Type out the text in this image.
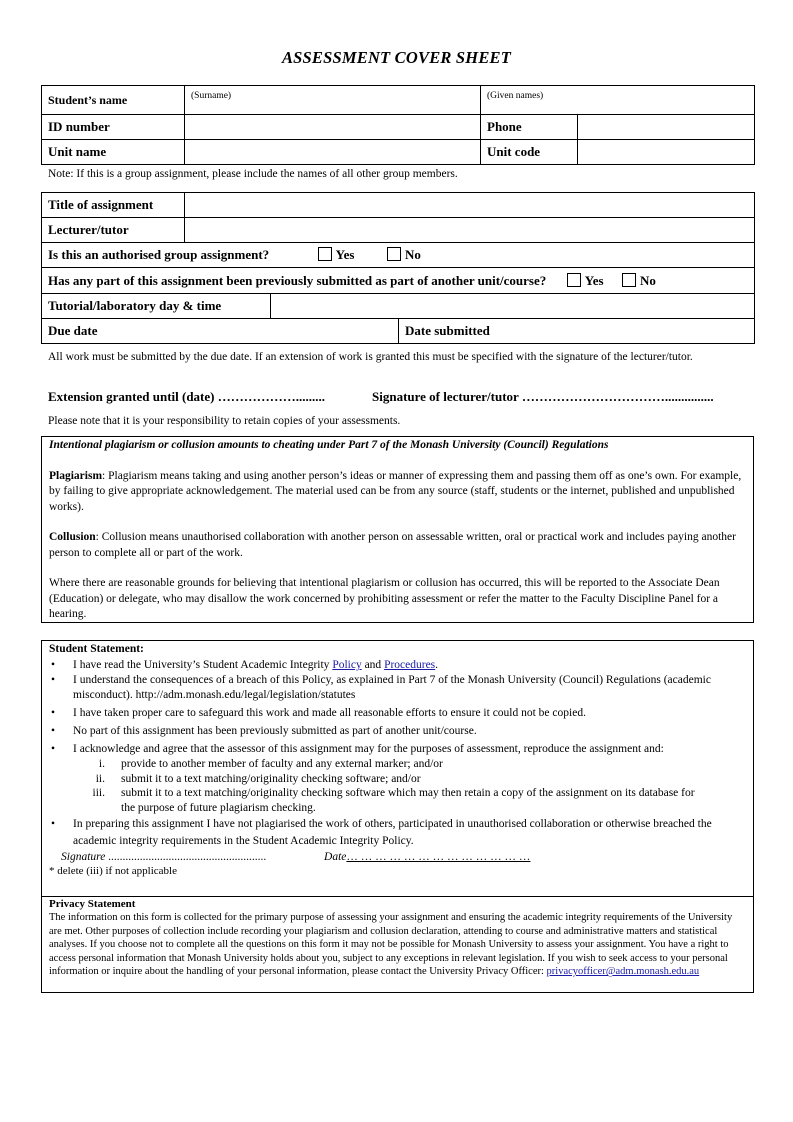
ASSESSMENT COVER SHEET
Student’s name	(Surname)	(Given names)	
ID number		Phone	
Unit name		Unit code	
Note: If this is a group assignment, please include the names of all other group members.
Title of assignment			
Lecturer/tutor			
Is this an authorised group assignment? Yes No			
Has any part of this assignment been previously submitted as part of another unit/course? Yes No			
Tutorial/laboratory day & time			
Due date			Date submitted

All work must be submitted by the due date. If an extension of work is granted this must be specified with the signature of the lecturer/tutor.

Extension granted until (date) ……………….........	Signature of lecturer/tutor ……………………………...............
Please note that it is your responsibility to retain copies of your assessments.

Intentional plagiarism or collusion amounts to cheating under Part 7 of the Monash University (Council) Regulations

Plagiarism: Plagiarism means taking and using another person’s ideas or manner of expressing them and passing them off as one’s own. For example, by failing to give appropriate acknowledgement. The material used can be from any source (staff, students or the internet, published and unpublished works).

Collusion: Collusion means unauthorised collaboration with another person on assessable written, oral or practical work and includes paying another person to complete all or part of the work.

Where there are reasonable grounds for believing that intentional plagiarism or collusion has occurred, this will be reported to the Associate Dean (Education) or delegate, who may disallow the work concerned by prohibiting assessment or refer the matter to the Faculty Discipline Panel for a hearing.

Student Statement:
• I have read the University’s Student Academic Integrity Policy and Procedures.
• I understand the consequences of a breach of this Policy, as explained in Part 7 of the Monash University (Council) Regulations (academic misconduct). http://adm.monash.edu/legal/legislation/statutes
• I have taken proper care to safeguard this work and made all reasonable efforts to ensure it could not be copied.
• No part of this assignment has been previously submitted as part of another unit/course.
• I acknowledge and agree that the assessor of this assignment may for the purposes of assessment, reproduce the assignment and:
i. provide to another member of faculty and any external marker; and/or
ii. submit it to a text matching/originality checking software; and/or
iii. submit it to a text matching/originality checking software which may then retain a copy of the assignment on its database for the purpose of future plagiarism checking.
• In preparing this assignment I have not plagiarised the work of others, participated in unauthorised collaboration or otherwise breached the academic integrity requirements in the Student Academic Integrity Policy.
Signature .......................................................	Date… … … … … … … … … … … … …
* delete (iii) if not applicable
Privacy Statement

The information on this form is collected for the primary purpose of assessing your assignment and ensuring the academic integrity requirements of the University are met. Other purposes of collection include recording your plagiarism and collusion declaration, attending to course and administrative matters and statistical analyses. If you choose not to complete all the questions on this form it may not be possible for Monash University to assess your assignment. You have a right to access personal information that Monash University holds about you, subject to any exceptions in relevant legislation. If you wish to seek access to your personal information or inquire about the handling of your personal information, please contact the University Privacy Officer: privacyofficer@adm.monash.edu.au
